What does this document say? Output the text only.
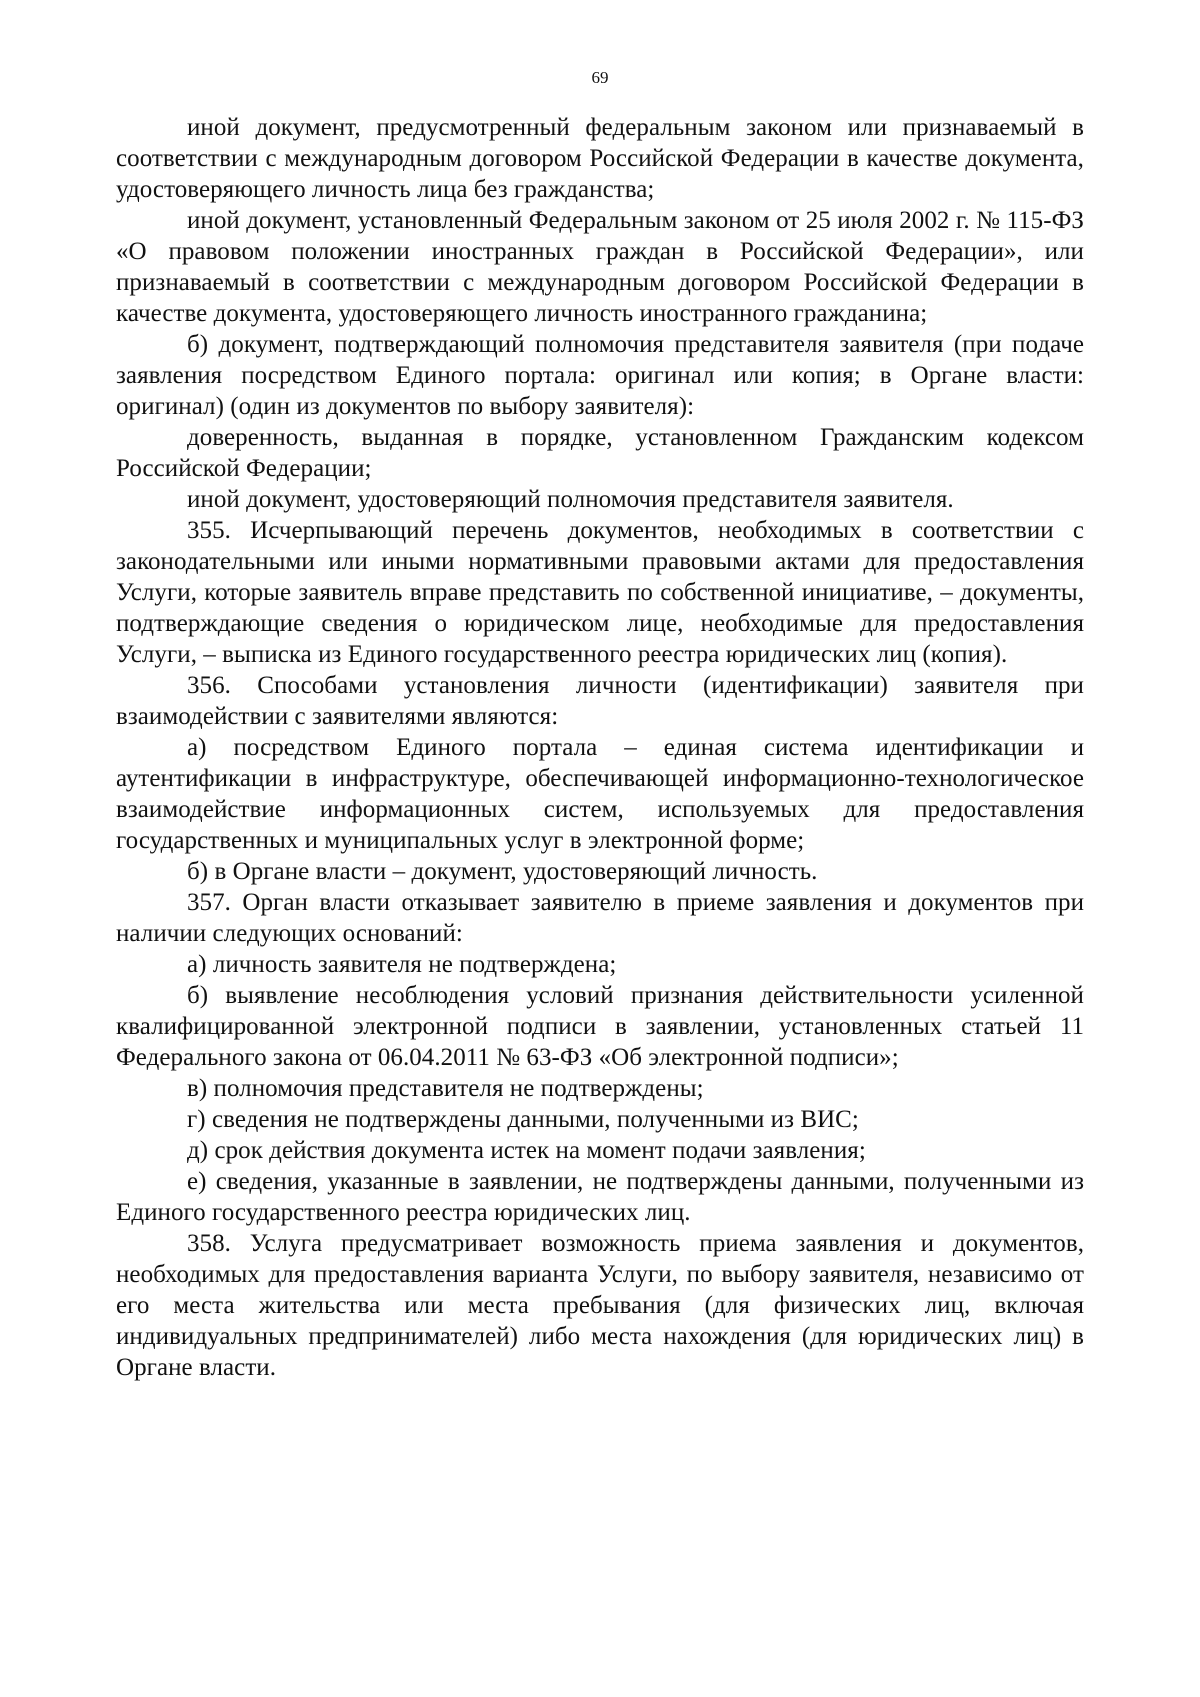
69

иной документ, предусмотренный федеральным законом или признаваемый в соответствии с международным договором Российской Федерации в качестве документа, удостоверяющего личность лица без гражданства;

иной документ, установленный Федеральным законом от 25 июля 2002 г. № 115-ФЗ «О правовом положении иностранных граждан в Российской Федерации», или признаваемый в соответствии с международным договором Российской Федерации в качестве документа, удостоверяющего личность иностранного гражданина;

б) документ, подтверждающий полномочия представителя заявителя (при подаче заявления посредством Единого портала: оригинал или копия; в Органе власти: оригинал) (один из документов по выбору заявителя):

доверенность, выданная в порядке, установленном Гражданским кодексом Российской Федерации;

иной документ, удостоверяющий полномочия представителя заявителя.

355. Исчерпывающий перечень документов, необходимых в соответствии с законодательными или иными нормативными правовыми актами для предоставления Услуги, которые заявитель вправе представить по собственной инициативе, – документы, подтверждающие сведения о юридическом лице, необходимые для предоставления Услуги, – выписка из Единого государственного реестра юридических лиц (копия).

356. Способами установления личности (идентификации) заявителя при взаимодействии с заявителями являются:

а) посредством Единого портала – единая система идентификации и аутентификации в инфраструктуре, обеспечивающей информационно-технологическое взаимодействие информационных систем, используемых для предоставления государственных и муниципальных услуг в электронной форме;

б) в Органе власти – документ, удостоверяющий личность.

357. Орган власти отказывает заявителю в приеме заявления и документов при наличии следующих оснований:

а) личность заявителя не подтверждена;

б) выявление несоблюдения условий признания действительности усиленной квалифицированной электронной подписи в заявлении, установленных статьей 11 Федерального закона от 06.04.2011 № 63-ФЗ «Об электронной подписи»;

в) полномочия представителя не подтверждены;

г) сведения не подтверждены данными, полученными из ВИС;

д) срок действия документа истек на момент подачи заявления;

е) сведения, указанные в заявлении, не подтверждены данными, полученными из Единого государственного реестра юридических лиц.

358. Услуга предусматривает возможность приема заявления и документов, необходимых для предоставления варианта Услуги, по выбору заявителя, независимо от его места жительства или места пребывания (для физических лиц, включая индивидуальных предпринимателей) либо места нахождения (для юридических лиц) в Органе власти.
